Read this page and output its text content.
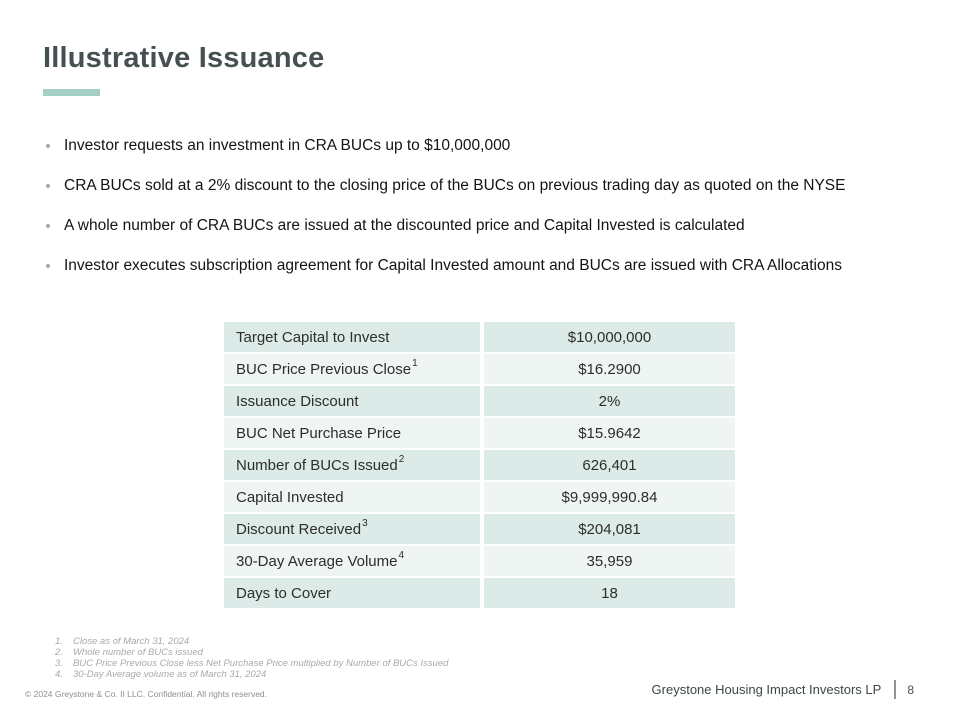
Illustrative Issuance
Investor requests an investment in CRA BUCs up to $10,000,000
CRA BUCs sold at a 2% discount to the closing price of the BUCs on previous trading day as quoted on the NYSE
A whole number of CRA BUCs are issued at the discounted price and Capital Invested is calculated
Investor executes subscription agreement for Capital Invested amount and BUCs are issued with CRA Allocations
Target Capital to Invest	$10,000,000
BUC Price Previous Close$^1$	$16.2900
Issuance Discount	2%
BUC Net Purchase Price	$15.9642
Number of BUCs Issued$^2$	626,401
Capital Invested	$9,999,990.84
Discount Received$^3$	$204,081
30-Day Average Volume$^4$	35,959
Days to Cover	18
1.	Close as of March 31, 2024
2.	Whole number of BUCs issued
3.	BUC Price Previous Close less Net Purchase Price multiplied by Number of BUCs Issued
4.	30-Day Average volume as of March 31, 2024
© 2024 Greystone & Co. II LLC. Confidential. All rights reserved.	Greystone Housing Impact Investors LP 8
